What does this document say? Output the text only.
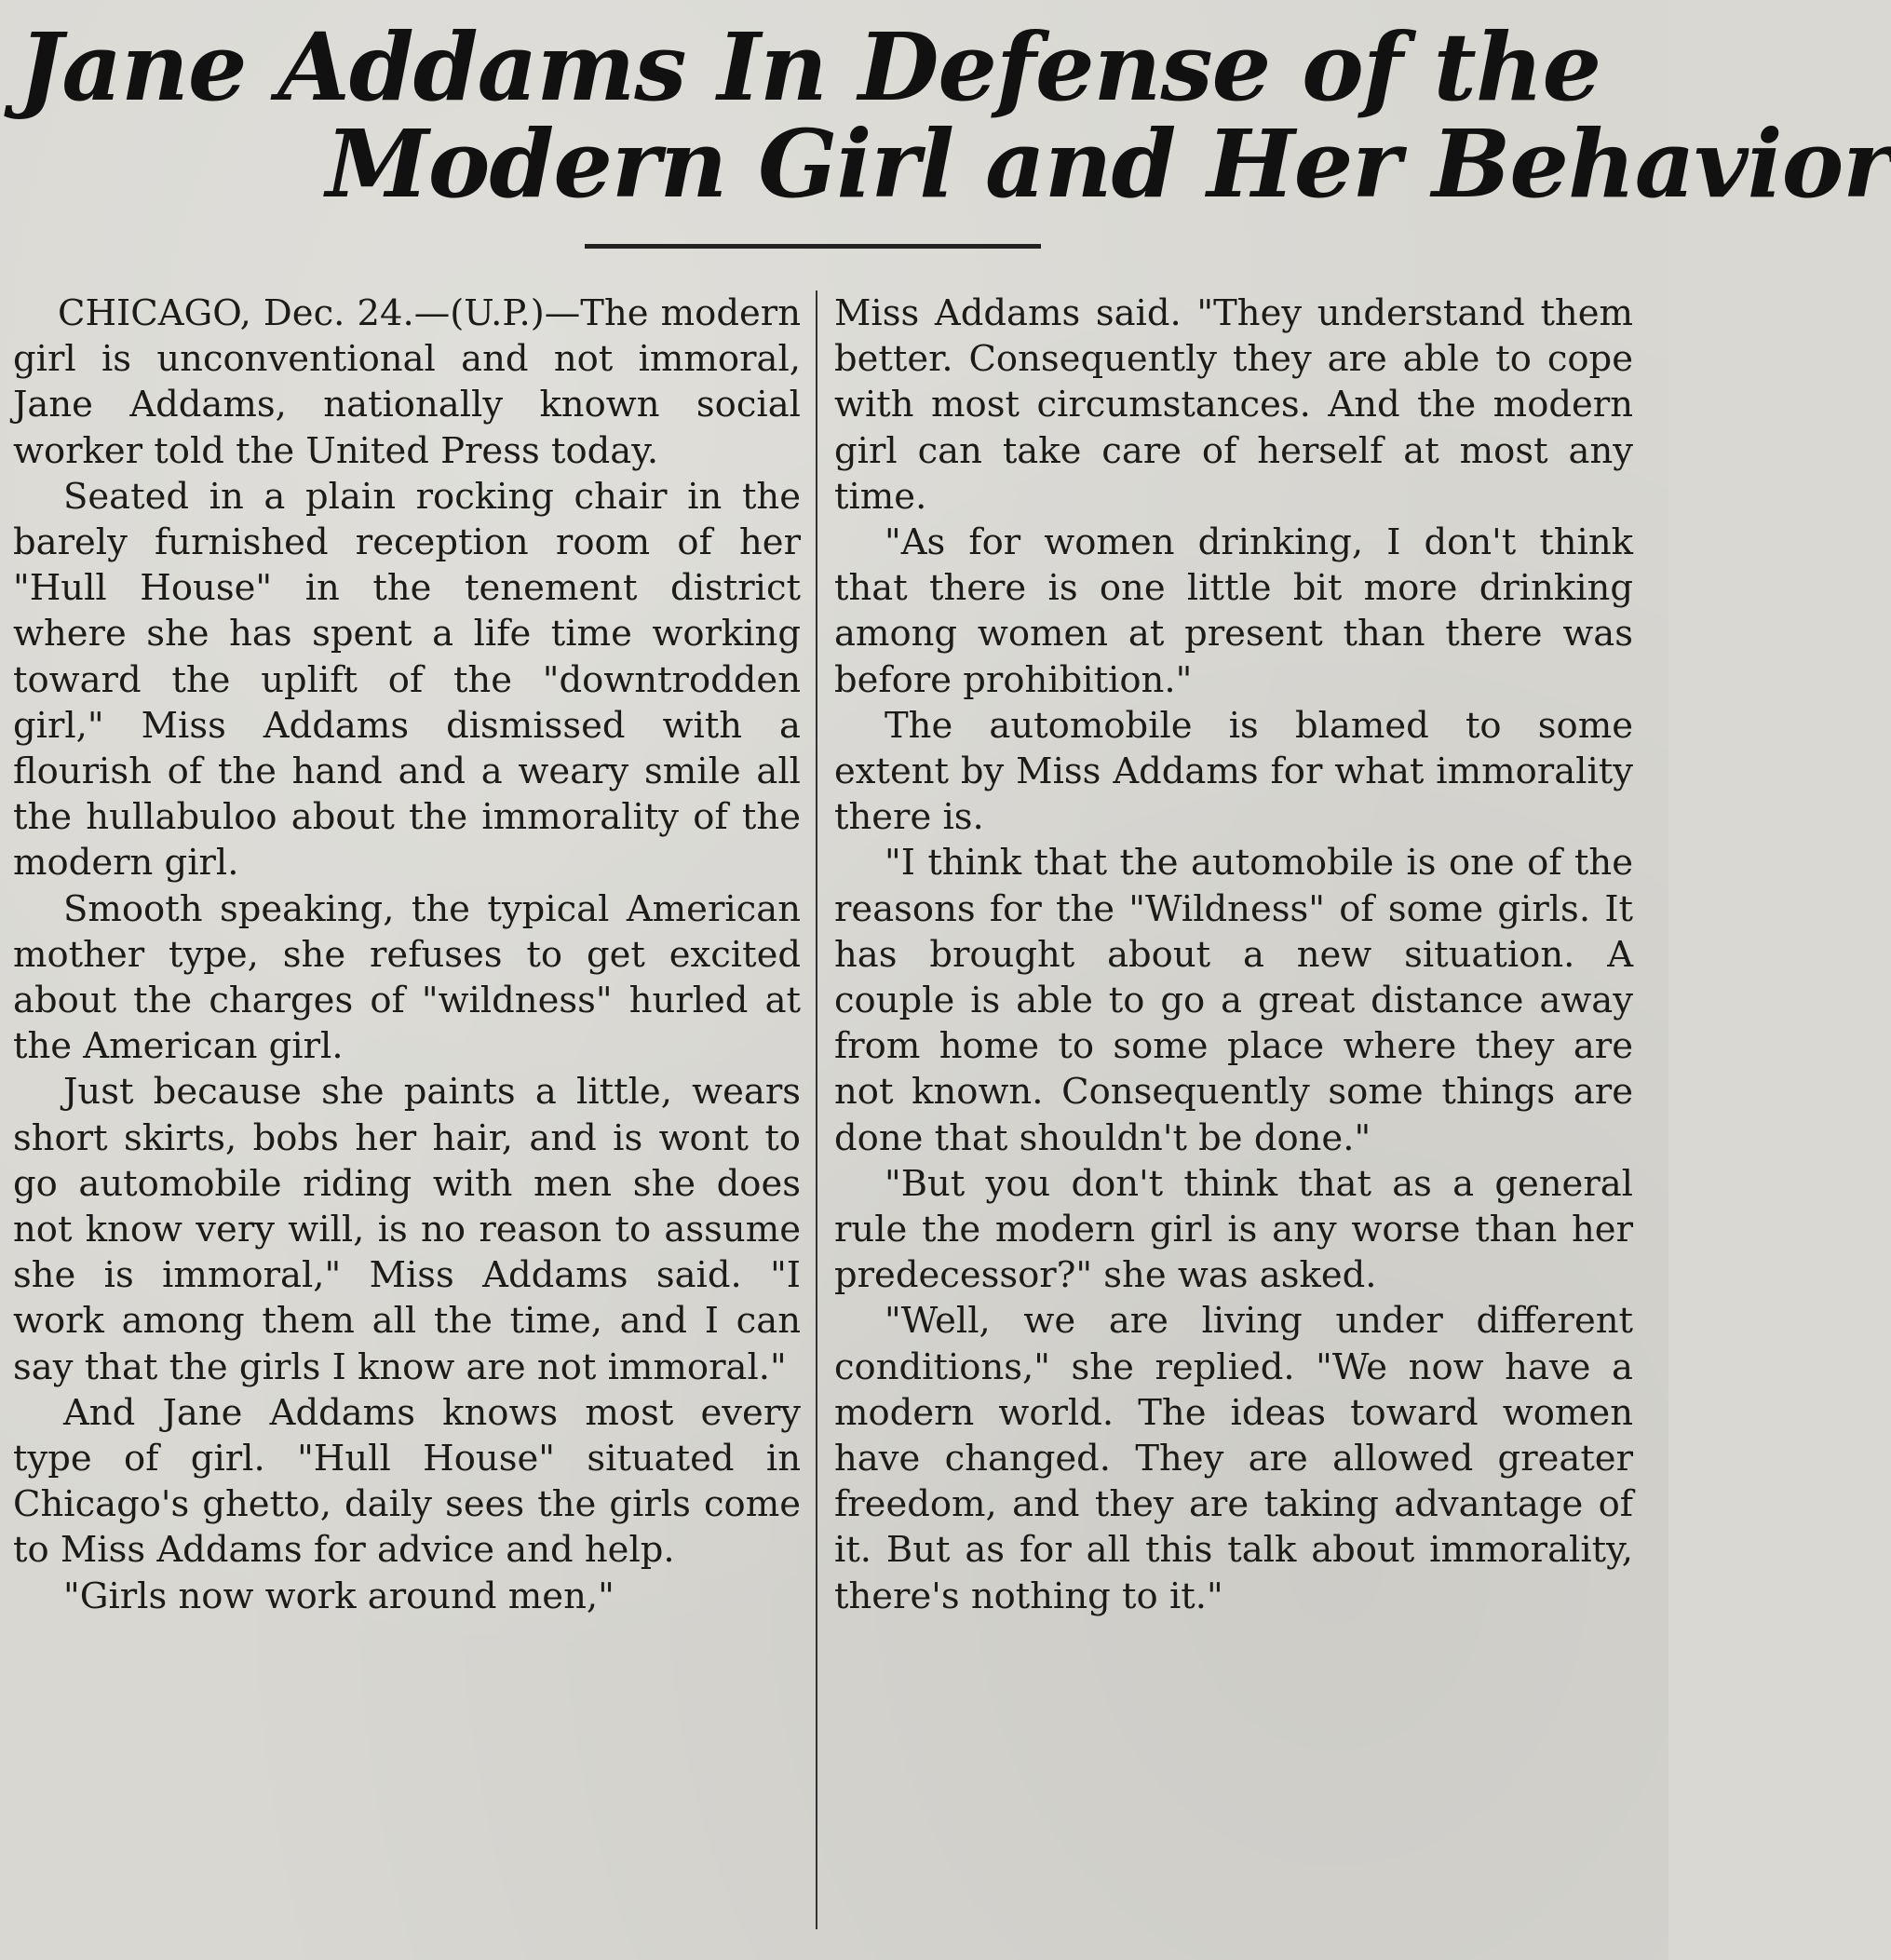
Jane Addams In Defense of the
Modern Girl and Her Behavior

CHICAGO, Dec. 24.—(U.P.)—The modern girl is unconventional and not immoral, Jane Addams, nationally known social worker told the United Press today.

Seated in a plain rocking chair in the barely furnished reception room of her "Hull House" in the tenement district where she has spent a life time working toward the uplift of the "downtrodden girl," Miss Addams dismissed with a flourish of the hand and a weary smile all the hullabuloo about the immorality of the modern girl.

Smooth speaking, the typical American mother type, she refuses to get excited about the charges of "wildness" hurled at the American girl.

Just because she paints a little, wears short skirts, bobs her hair, and is wont to go automobile riding with men she does not know very will, is no reason to assume she is immoral," Miss Addams said. "I work among them all the time, and I can say that the girls I know are not immoral."

And Jane Addams knows most every type of girl. "Hull House" situated in Chicago's ghetto, daily sees the girls come to Miss Addams for advice and help.

"Girls now work around men,"

Miss Addams said. "They understand them better. Consequently they are able to cope with most circumstances. And the modern girl can take care of herself at most any time.

"As for women drinking, I don't think that there is one little bit more drinking among women at present than there was before prohibition."

The automobile is blamed to some extent by Miss Addams for what immorality there is.

"I think that the automobile is one of the reasons for the "Wildness" of some girls. It has brought about a new situation. A couple is able to go a great distance away from home to some place where they are not known. Consequently some things are done that shouldn't be done."

"But you don't think that as a general rule the modern girl is any worse than her predecessor?" she was asked.

"Well, we are living under different conditions," she replied. "We now have a modern world. The ideas toward women have changed. They are allowed greater freedom, and they are taking advantage of it. But as for all this talk about immorality, there's nothing to it."
